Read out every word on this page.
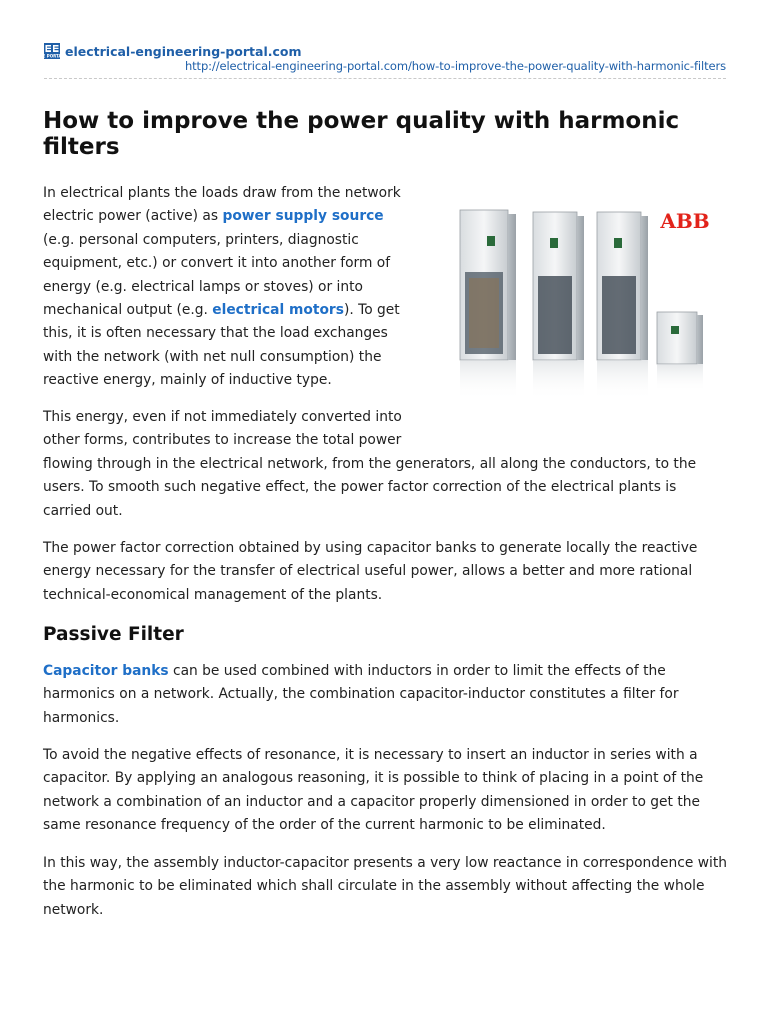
EE PORTAL electrical-engineering-portal.com
http://electrical-engineering-portal.com/how-to-improve-the-power-quality-with-harmonic-filters
How to improve the power quality with harmonic filters

In electrical plants the loads draw from the network electric power (active) as power supply source (e.g. personal computers, printers, diagnostic equipment, etc.) or convert it into another form of energy (e.g. electrical lamps or stoves) or into mechanical output (e.g. electrical motors). To get this, it is often necessary that the load exchanges with the network (with net null consumption) the reactive energy, mainly of inductive type.

ABB
This energy, even if not immediately converted into
other forms, contributes to increase the total power
flowing through in the electrical network, from the generators, all along the conductors, to the
users. To smooth such negative effect, the power factor correction of the electrical plants is
carried out.

The power factor correction obtained by using capacitor banks to generate locally the reactive energy necessary for the transfer of electrical useful power, allows a better and more rational technical-economical management of the plants.

Passive Filter

Capacitor banks can be used combined with inductors in order to limit the effects of the harmonics on a network. Actually, the combination capacitor-inductor constitutes a filter for harmonics.

To avoid the negative effects of resonance, it is necessary to insert an inductor in series with a capacitor. By applying an analogous reasoning, it is possible to think of placing in a point of the network a combination of an inductor and a capacitor properly dimensioned in order to get the same resonance frequency of the order of the current harmonic to be eliminated.

In this way, the assembly inductor-capacitor presents a very low reactance in correspondence with the harmonic to be eliminated which shall circulate in the assembly without affecting the whole network.
